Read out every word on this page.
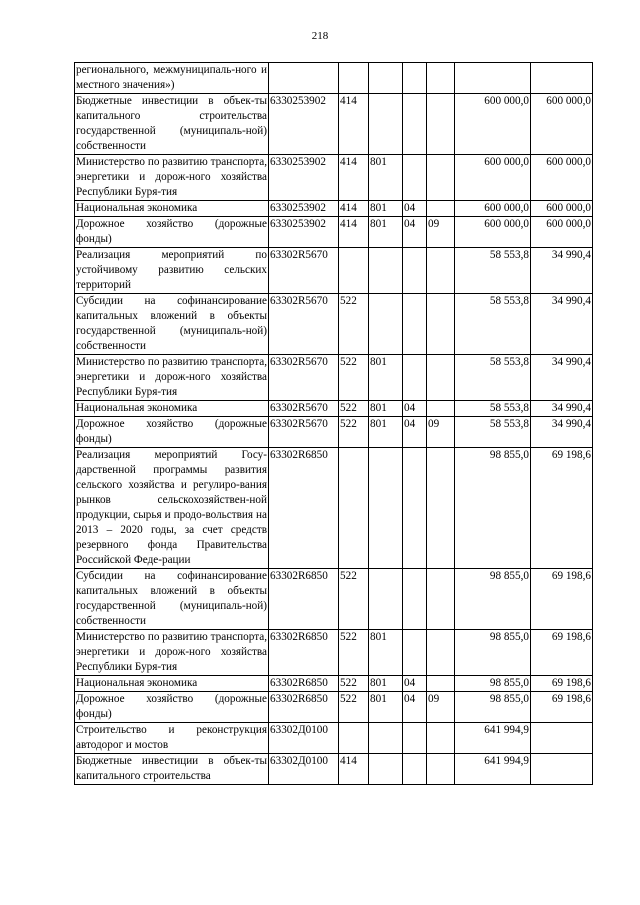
218
регионального, межмуниципаль-ного и местного значения»)							
Бюджетные инвестиции в объек-ты капитального строительства государственной (муниципаль-ной) собственности	6330253902	414				600 000,0	600 000,0
Министерство по развитию транспорта, энергетики и дорож-ного хозяйства Республики Буря-тия	6330253902	414	801			600 000,0	600 000,0
Национальная экономика	6330253902	414	801	04		600 000,0	600 000,0
Дорожное хозяйство (дорожные фонды)	6330253902	414	801	04	09	600 000,0	600 000,0
Реализация мероприятий по устойчивому развитию сельских территорий	63302R5670					58 553,8	34 990,4
Субсидии на софинансирование капитальных вложений в объекты государственной (муниципаль-ной) собственности	63302R5670	522				58 553,8	34 990,4
Министерство по развитию транспорта, энергетики и дорож-ного хозяйства Республики Буря-тия	63302R5670	522	801			58 553,8	34 990,4
Национальная экономика	63302R5670	522	801	04		58 553,8	34 990,4
Дорожное хозяйство (дорожные фонды)	63302R5670	522	801	04	09	58 553,8	34 990,4
Реализация мероприятий Госу-дарственной программы развития сельского хозяйства и регулиро-вания рынков сельскохозяйствен-ной продукции, сырья и продо-вольствия на 2013 – 2020 годы, за счет средств резервного фонда Правительства Российской Феде-рации	63302R6850					98 855,0	69 198,6
Субсидии на софинансирование капитальных вложений в объекты государственной (муниципаль-ной) собственности	63302R6850	522				98 855,0	69 198,6
Министерство по развитию транспорта, энергетики и дорож-ного хозяйства Республики Буря-тия	63302R6850	522	801			98 855,0	69 198,6
Национальная экономика	63302R6850	522	801	04		98 855,0	69 198,6
Дорожное хозяйство (дорожные фонды)	63302R6850	522	801	04	09	98 855,0	69 198,6
Строительство и реконструкция автодорог и мостов	63302Д0100					641 994,9	
Бюджетные инвестиции в объек-ты капитального строительства	63302Д0100	414				641 994,9	
